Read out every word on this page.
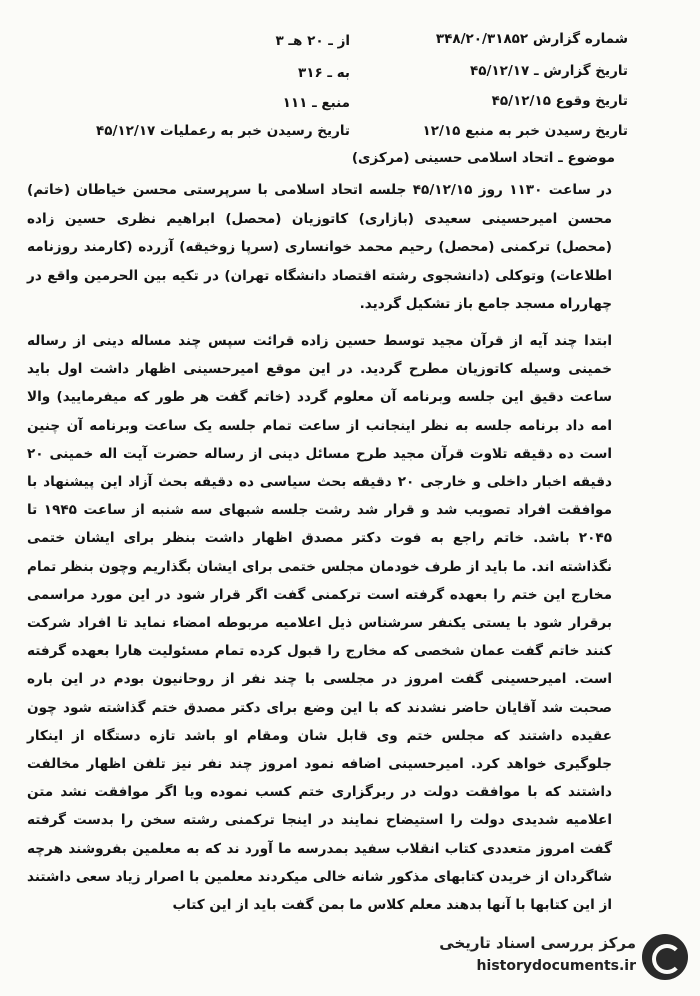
از ـ ۲۰ هـ ۳
به ـ ۳۱۶
منبع ـ ۱۱۱
تاریخ رسیدن خبر به رعملیات ۴۵/۱۲/۱۷
شماره گزارش ۳۴۸/۲۰/۳۱۸۵۲
تاریخ گزارش ـ ۴۵/۱۲/۱۷
تاریخ وقوع ۴۵/۱۲/۱۵
تاریخ رسیدن خبر به منبع ۱۲/۱۵
موضوع ـ اتحاد اسلامی حسینی (مرکزی)
در ساعت ۱۱۳۰ روز ۴۵/۱۲/۱۵ جلسه اتحاد اسلامی با سرپرستی محسن خیاطان (خاتم) محسن امیرحسینی سعیدی (بازاری) کاتوزیان (محصل) ابراهیم نظری حسین زاده (محصل) ترکمنی (محصل) رحیم محمد خوانساری (سرپا زوخیقه) آزرده (کارمند روزنامه اطلاعات) وتوکلی (دانشجوی رشته اقتصاد دانشگاه تهران) در تکیه بین الحرمین واقع در چهارراه مسجد جامع باز تشکیل گردید.
ابتدا چند آیه از قرآن مجید توسط حسین زاده قرائت سپس چند مساله دینی از رساله خمینی وسیله کاتوزیان مطرح گردید. در این موقع امیرحسینی اظهار داشت اول باید ساعت دقیق این جلسه وبرنامه آن معلوم گردد (خاتم گفت هر طور که میفرمایید) والا امه داد برنامه جلسه به نظر اینجانب از ساعت تمام جلسه یک ساعت وبرنامه آن چنین است ده دقیقه تلاوت قرآن مجید طرح مسائل دینی از رساله حضرت آیت اله خمینی ۲۰ دقیقه اخبار داخلی و خارجی ۲۰ دقیقه بحث سیاسی ده دقیقه بحث آزاد این پیشنهاد با موافقت افراد تصویب شد و قرار شد رشت جلسه شبهای سه شنبه از ساعت ۱۹۴۵ تا ۲۰۴۵ باشد. خاتم راجع به فوت دکتر مصدق اظهار داشت بنظر برای ایشان ختمی نگذاشته اند. ما باید از طرف خودمان مجلس ختمی برای ایشان بگذاریم وچون بنظر تمام مخارج این ختم را بعهده گرفته است ترکمنی گفت اگر قرار شود در این مورد مراسمی برقرار شود با یستی یکنفر سرشناس ذیل اعلامیه مربوطه امضاء نماید تا افراد شرکت کنند خاتم گفت عمان شخصی که مخارج را قبول کرده تمام مسئولیت هارا بعهده گرفته است. امیرحسینی گفت امروز در مجلسی با چند نفر از روحانیون بودم در این باره صحبت شد آقایان حاضر نشدند که با این وضع برای دکتر مصدق ختم گذاشته شود چون عقیده داشتند که مجلس ختم وی قابل شان ومقام او باشد تازه دستگاه از اینکار جلوگیری خواهد کرد. امیرحسینی اضافه نمود امروز چند نفر نیز تلفن اظهار مخالفت داشتند که با موافقت دولت در ربرگزاری ختم کسب نموده ویا اگر موافقت نشد متن اعلامیه شدیدی دولت را استیضاح نمایند در اینجا ترکمنی رشته سخن را بدست گرفته گفت امروز متعددی کتاب انقلاب سفید بمدرسه ما آورد ند که به معلمین بفروشند هرچه شاگردان از خریدن کتابهای مذکور شانه خالی میکردند معلمین با اصرار زیاد سعی داشتند از این کتابها با آنها بدهند معلم کلاس ما بمن گفت باید از این کتاب
مرکز بررسی اسناد تاریخی
historydocuments.ir
